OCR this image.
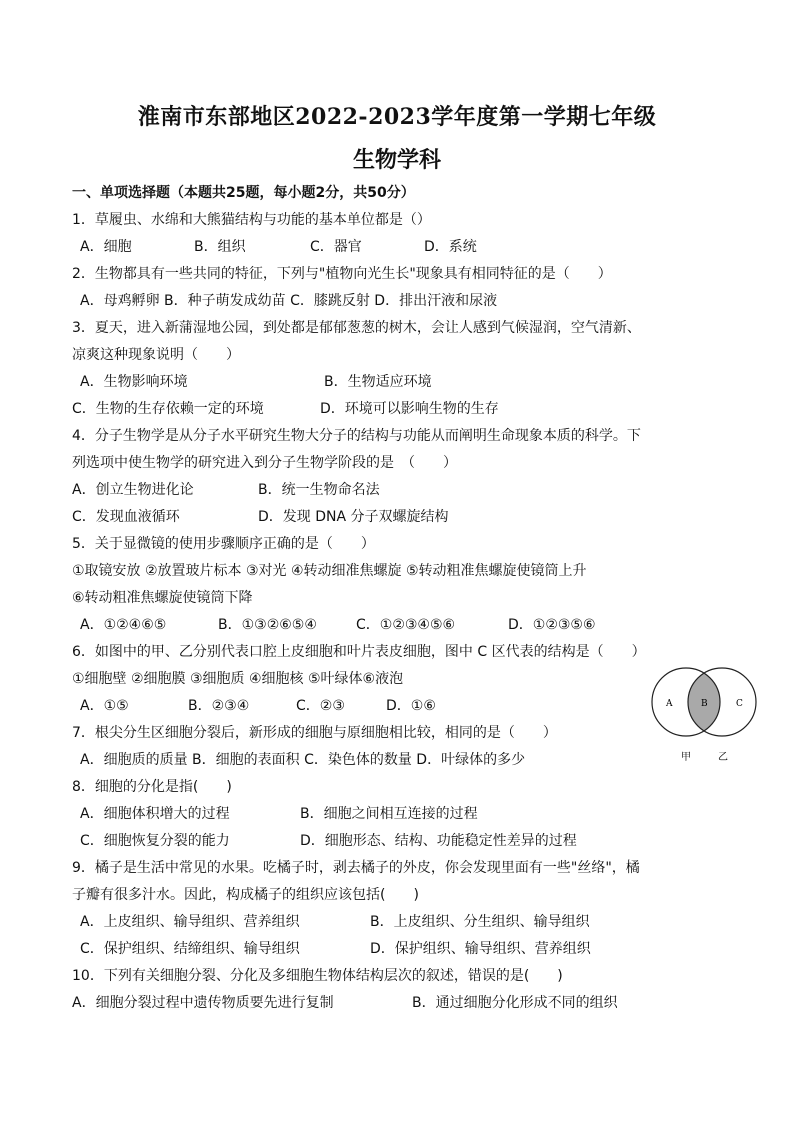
淮南市东部地区2022-2023学年度第一学期七年级
生物学科
一、单项选择题（本题共25题，每小题2分，共50分）
1．草履虫、水绵和大熊猫结构与功能的基本单位都是（）
A．细胞	B．组织	C．器官	D．系统
2．生物都具有一些共同的特征，下列与"植物向光生长"现象具有相同特征的是（　　）
A．母鸡孵卵 B．种子萌发成幼苗 C．膝跳反射 D．排出汗液和尿液
3．夏天，进入新蒲湿地公园，到处都是郁郁葱葱的树木，会让人感到气候湿润，空气清新、
凉爽这种现象说明（　　）
A．生物影响环境	B．生物适应环境
C．生物的生存依赖一定的环境	D．环境可以影响生物的生存
4．分子生物学是从分子水平研究生物大分子的结构与功能从而阐明生命现象本质的科学。下
列选项中使生物学的研究进入到分子生物学阶段的是　（　　）
A．创立生物进化论	B．统一生物命名法
C．发现血液循环	D．发现 DNA 分子双螺旋结构
5．关于显微镜的使用步骤顺序正确的是（　　）
①取镜安放 ②放置玻片标本 ③对光 ④转动细准焦螺旋 ⑤转动粗准焦螺旋使镜筒上升
⑥转动粗准焦螺旋使镜筒下降
A．①②④⑥⑤	B．①③②⑥⑤④	C．①②③④⑤⑥	D．①②③⑤⑥
6．如图中的甲、乙分别代表口腔上皮细胞和叶片表皮细胞，图中 C 区代表的结构是（　　）
①细胞壁 ②细胞膜 ③细胞质 ④细胞核 ⑤叶绿体⑥液泡
A．①⑤	B．②③④	C．②③	D．①⑥	A	B	C
甲	乙
7．根尖分生区细胞分裂后，新形成的细胞与原细胞相比较，相同的是（　　）
A．细胞质的质量 B．细胞的表面积 C．染色体的数量 D．叶绿体的多少
8．细胞的分化是指(　　)
A．细胞体积增大的过程	B．细胞之间相互连接的过程
C．细胞恢复分裂的能力	D．细胞形态、结构、功能稳定性差异的过程
9．橘子是生活中常见的水果。吃橘子时，剥去橘子的外皮，你会发现里面有一些"丝络"，橘
子瓣有很多汁水。因此，构成橘子的组织应该包括(　　)
A．上皮组织、输导组织、营养组织	B．上皮组织、分生组织、输导组织
C．保护组织、结缔组织、输导组织	D．保护组织、输导组织、营养组织
10．下列有关细胞分裂、分化及多细胞生物体结构层次的叙述，错误的是(　　)
A．细胞分裂过程中遗传物质要先进行复制	B．通过细胞分化形成不同的组织
